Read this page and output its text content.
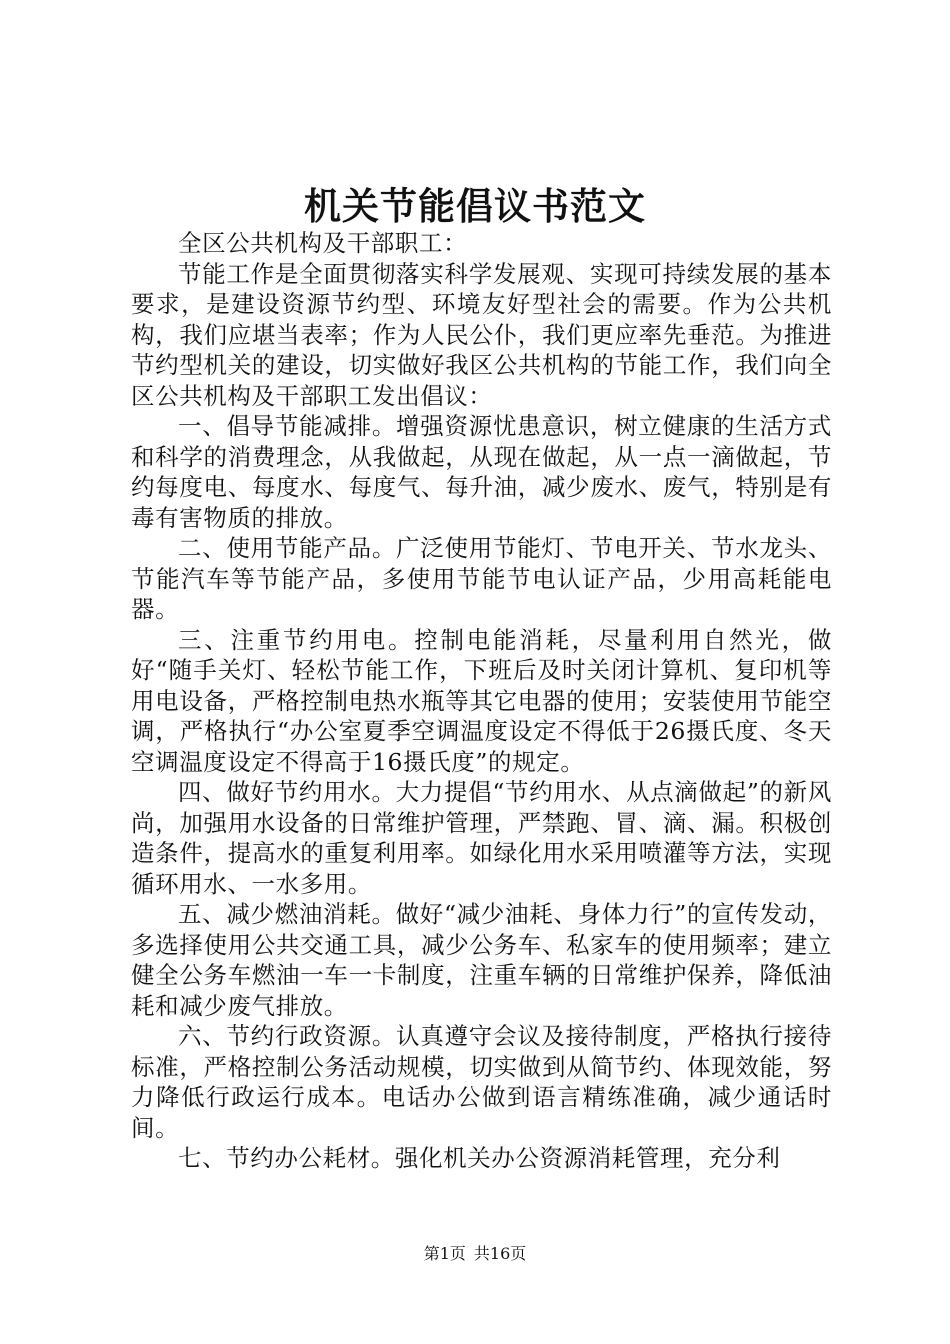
机关节能倡议书范文

全区公共机构及干部职工：

节能工作是全面贯彻落实科学发展观、实现可持续发展的基本要求，是建设资源节约型、环境友好型社会的需要。作为公共机构，我们应堪当表率；作为人民公仆，我们更应率先垂范。为推进节约型机关的建设，切实做好我区公共机构的节能工作，我们向全区公共机构及干部职工发出倡议：

一、倡导节能减排。增强资源忧患意识，树立健康的生活方式和科学的消费理念，从我做起，从现在做起，从一点一滴做起，节约每度电、每度水、每度气、每升油，减少废水、废气，特别是有毒有害物质的排放。

二、使用节能产品。广泛使用节能灯、节电开关、节水龙头、节能汽车等节能产品，多使用节能节电认证产品，少用高耗能电器。

三、注重节约用电。控制电能消耗，尽量利用自然光，做好“随手关灯、轻松节能工作，下班后及时关闭计算机、复印机等用电设备，严格控制电热水瓶等其它电器的使用；安装使用节能空调，严格执行“办公室夏季空调温度设定不得低于26摄氏度、冬天空调温度设定不得高于16摄氏度”的规定。

四、做好节约用水。大力提倡“节约用水、从点滴做起”的新风尚，加强用水设备的日常维护管理，严禁跑、冒、滴、漏。积极创造条件，提高水的重复利用率。如绿化用水采用喷灌等方法，实现循环用水、一水多用。

五、减少燃油消耗。做好“减少油耗、身体力行”的宣传发动，多选择使用公共交通工具，减少公务车、私家车的使用频率；建立健全公务车燃油一车一卡制度，注重车辆的日常维护保养，降低油耗和减少废气排放。

六、节约行政资源。认真遵守会议及接待制度，严格执行接待标准，严格控制公务活动规模，切实做到从简节约、体现效能，努力降低行政运行成本。电话办公做到语言精练准确，减少通话时间。

七、节约办公耗材。强化机关办公资源消耗管理，充分利

第1页 共16页
